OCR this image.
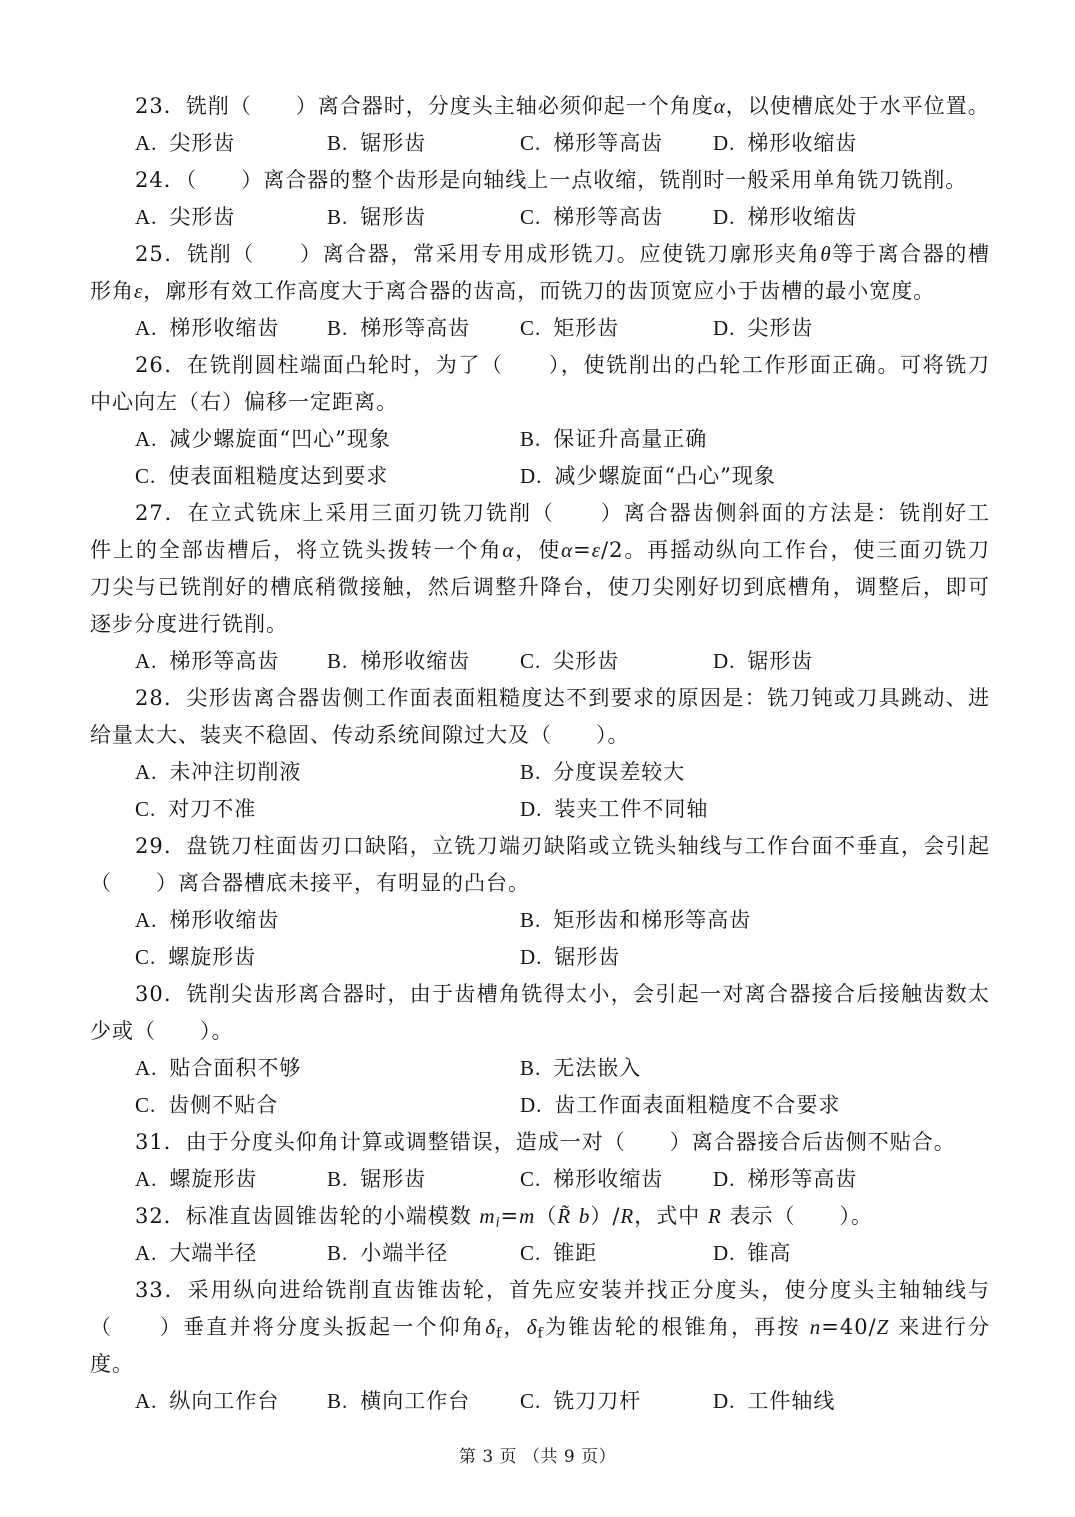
23．铣削（　　）离合器时，分度头主轴必须仰起一个角度α，以使槽底处于水平位置。
A. 尖形齿	B. 锯形齿	C. 梯形等高齿	D. 梯形收缩齿
24．（　　）离合器的整个齿形是向轴线上一点收缩，铣削时一般采用单角铣刀铣削。
A. 尖形齿	B. 锯形齿	C. 梯形等高齿	D. 梯形收缩齿
25．铣削（　　）离合器，常采用专用成形铣刀。应使铣刀廓形夹角θ等于离合器的槽
形角ε，廓形有效工作高度大于离合器的齿高，而铣刀的齿顶宽应小于齿槽的最小宽度。
A. 梯形收缩齿	B. 梯形等高齿	C. 矩形齿	D. 尖形齿
26．在铣削圆柱端面凸轮时，为了（　　），使铣削出的凸轮工作形面正确。可将铣刀
中心向左（右）偏移一定距离。
A. 减少螺旋面“凹心”现象	B. 保证升高量正确
C. 使表面粗糙度达到要求	D. 减少螺旋面“凸心”现象
27．在立式铣床上采用三面刃铣刀铣削（　　）离合器齿侧斜面的方法是：铣削好工
件上的全部齿槽后，将立铣头拨转一个角α，使α=ε/2。再摇动纵向工作台，使三面刃铣刀
刀尖与已铣削好的槽底稍微接触，然后调整升降台，使刀尖刚好切到底槽角，调整后，即可
逐步分度进行铣削。
A. 梯形等高齿	B. 梯形收缩齿	C. 尖形齿	D. 锯形齿
28．尖形齿离合器齿侧工作面表面粗糙度达不到要求的原因是：铣刀钝或刀具跳动、进
给量太大、装夹不稳固、传动系统间隙过大及（　　）。
A. 未冲注切削液	B. 分度误差较大
C. 对刀不准	D. 装夹工件不同轴
29．盘铣刀柱面齿刃口缺陷，立铣刀端刃缺陷或立铣头轴线与工作台面不垂直，会引起
（　　）离合器槽底未接平，有明显的凸台。
A. 梯形收缩齿	B. 矩形齿和梯形等高齿
C. 螺旋形齿	D. 锯形齿
30．铣削尖齿形离合器时，由于齿槽角铣得太小，会引起一对离合器接合后接触齿数太
少或（　　）。
A. 贴合面积不够	B. 无法嵌入
C. 齿侧不贴合	D. 齿工作面表面粗糙度不合要求
31．由于分度头仰角计算或调整错误，造成一对（　　）离合器接合后齿侧不贴合。
A. 螺旋形齿	B. 锯形齿	C. 梯形收缩齿	D. 梯形等高齿
32．标准直齿圆锥齿轮的小端模数 $m_i=m(R̃$ b）/R，式中 R 表示（　　）。
A. 大端半径	B. 小端半径	C. 锥距	D. 锥高
33．采用纵向进给铣削直齿锥齿轮，首先应安装并找正分度头，使分度头主轴轴线与
（　　）垂直并将分度头扳起一个仰角$\delta_f$，$\delta_f$为锥齿轮的根锥角，再按 n=40/Z 来进行分
度。
A. 纵向工作台	B. 横向工作台	C. 铣刀刀杆	D. 工件轴线
第 3 页 （共 9 页）
